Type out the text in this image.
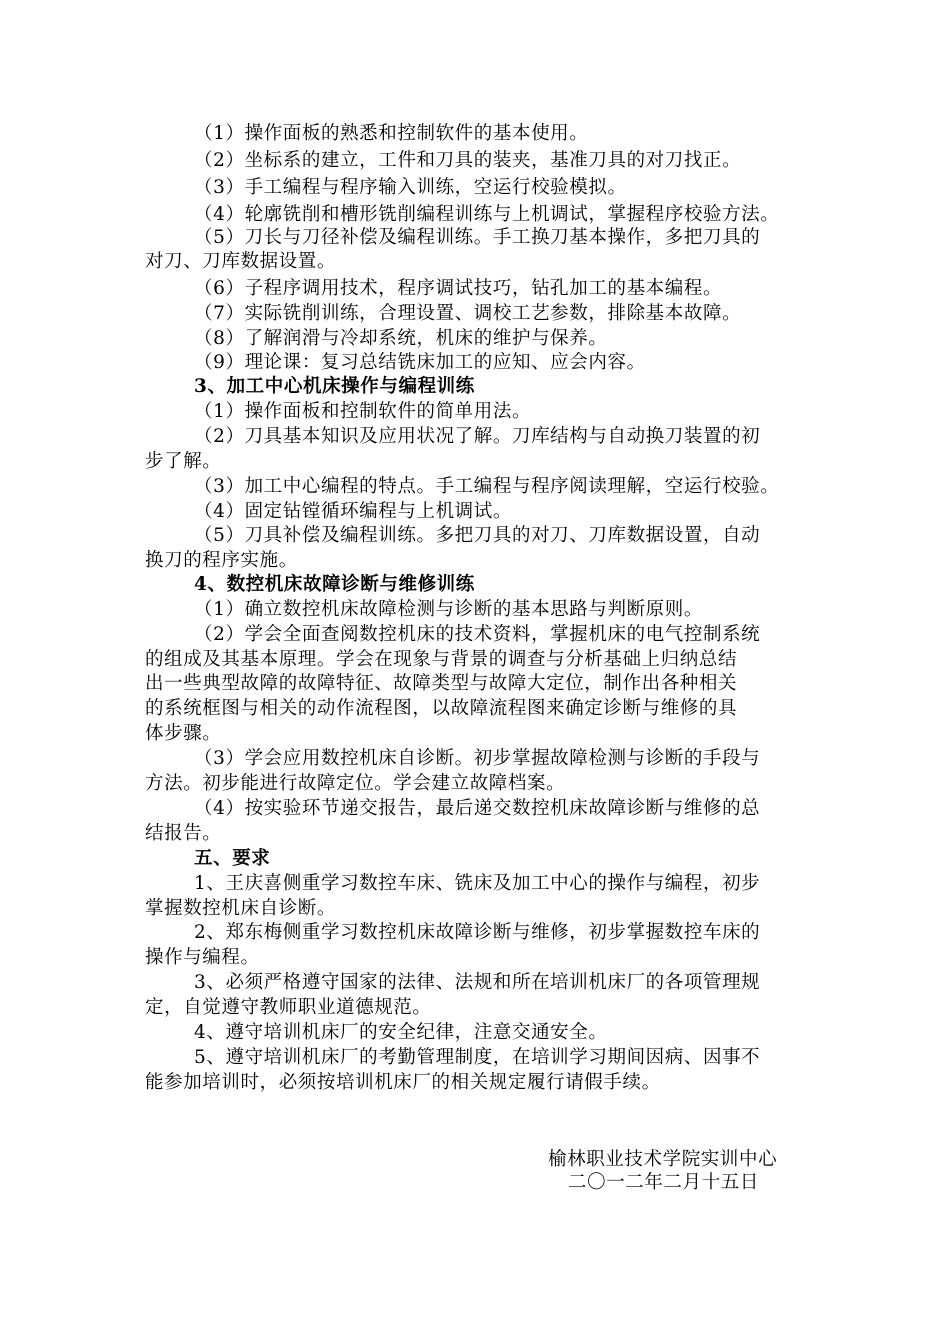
（1）操作面板的熟悉和控制软件的基本使用。
（2）坐标系的建立，工件和刀具的装夹，基准刀具的对刀找正。
（3）手工编程与程序输入训练，空运行校验模拟。
（4）轮廓铣削和槽形铣削编程训练与上机调试，掌握程序校验方法。
（5）刀长与刀径补偿及编程训练。手工换刀基本操作，多把刀具的
对刀、刀库数据设置。
（6）子程序调用技术，程序调试技巧，钻孔加工的基本编程。
（7）实际铣削训练，合理设置、调校工艺参数，排除基本故障。
（8）了解润滑与冷却系统，机床的维护与保养。
（9）理论课：复习总结铣床加工的应知、应会内容。
3、加工中心机床操作与编程训练
（1）操作面板和控制软件的简单用法。
（2）刀具基本知识及应用状况了解。刀库结构与自动换刀装置的初
步了解。
（3）加工中心编程的特点。手工编程与程序阅读理解，空运行校验。
（4）固定钻镗循环编程与上机调试。
（5）刀具补偿及编程训练。多把刀具的对刀、刀库数据设置，自动
换刀的程序实施。
4、数控机床故障诊断与维修训练
（1）确立数控机床故障检测与诊断的基本思路与判断原则。
（2）学会全面查阅数控机床的技术资料，掌握机床的电气控制系统
的组成及其基本原理。学会在现象与背景的调查与分析基础上归纳总结
出一些典型故障的故障特征、故障类型与故障大定位，制作出各种相关
的系统框图与相关的动作流程图，以故障流程图来确定诊断与维修的具
体步骤。
（3）学会应用数控机床自诊断。初步掌握故障检测与诊断的手段与
方法。初步能进行故障定位。学会建立故障档案。
（4）按实验环节递交报告，最后递交数控机床故障诊断与维修的总
结报告。
五、要求
1、王庆喜侧重学习数控车床、铣床及加工中心的操作与编程，初步
掌握数控机床自诊断。
2、郑东梅侧重学习数控机床故障诊断与维修，初步掌握数控车床的
操作与编程。
3、必须严格遵守国家的法律、法规和所在培训机床厂的各项管理规
定，自觉遵守教师职业道德规范。
4、遵守培训机床厂的安全纪律，注意交通安全。
5、遵守培训机床厂的考勤管理制度，在培训学习期间因病、因事不
能参加培训时，必须按培训机床厂的相关规定履行请假手续。
榆林职业技术学院实训中心
二〇一二年二月十五日
